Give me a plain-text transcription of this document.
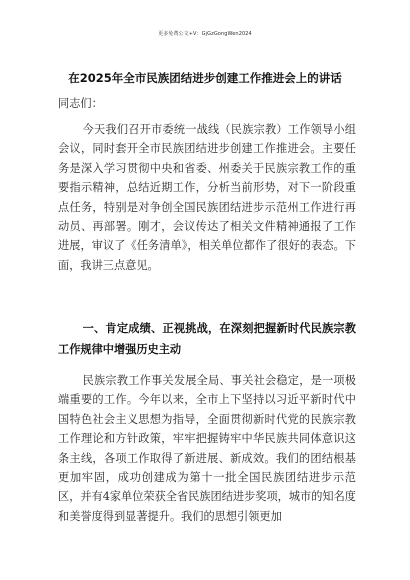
更多免费公文+V：GjGzGongWen2024
在2025年全市民族团结进步创建工作推进会上的讲话
同志们：
今天我们召开市委统一战线（民族宗教）工作领导小组会议，同时套开全市民族团结进步创建工作推进会。主要任务是深入学习贯彻中央和省委、州委关于民族宗教工作的重要指示精神，总结近期工作，分析当前形势，对下一阶段重点任务，特别是对争创全国民族团结进步示范州工作进行再动员、再部署。刚才，会议传达了相关文件精神通报了工作进展，审议了《任务清单》，相关单位都作了很好的表态。下面，我讲三点意见。
一、肯定成绩、正视挑战，在深刻把握新时代民族宗教工作规律中增强历史主动
民族宗教工作事关发展全局、事关社会稳定，是一项极端重要的工作。今年以来，全市上下坚持以习近平新时代中国特色社会主义思想为指导，全面贯彻新时代党的民族宗教工作理论和方针政策，牢牢把握铸牢中华民族共同体意识这条主线，各项工作取得了新进展、新成效。我们的团结根基更加牢固，成功创建成为第十一批全国民族团结进步示范区，并有4家单位荣获全省民族团结进步奖项，城市的知名度和美誉度得到显著提升。我们的思想引领更加
